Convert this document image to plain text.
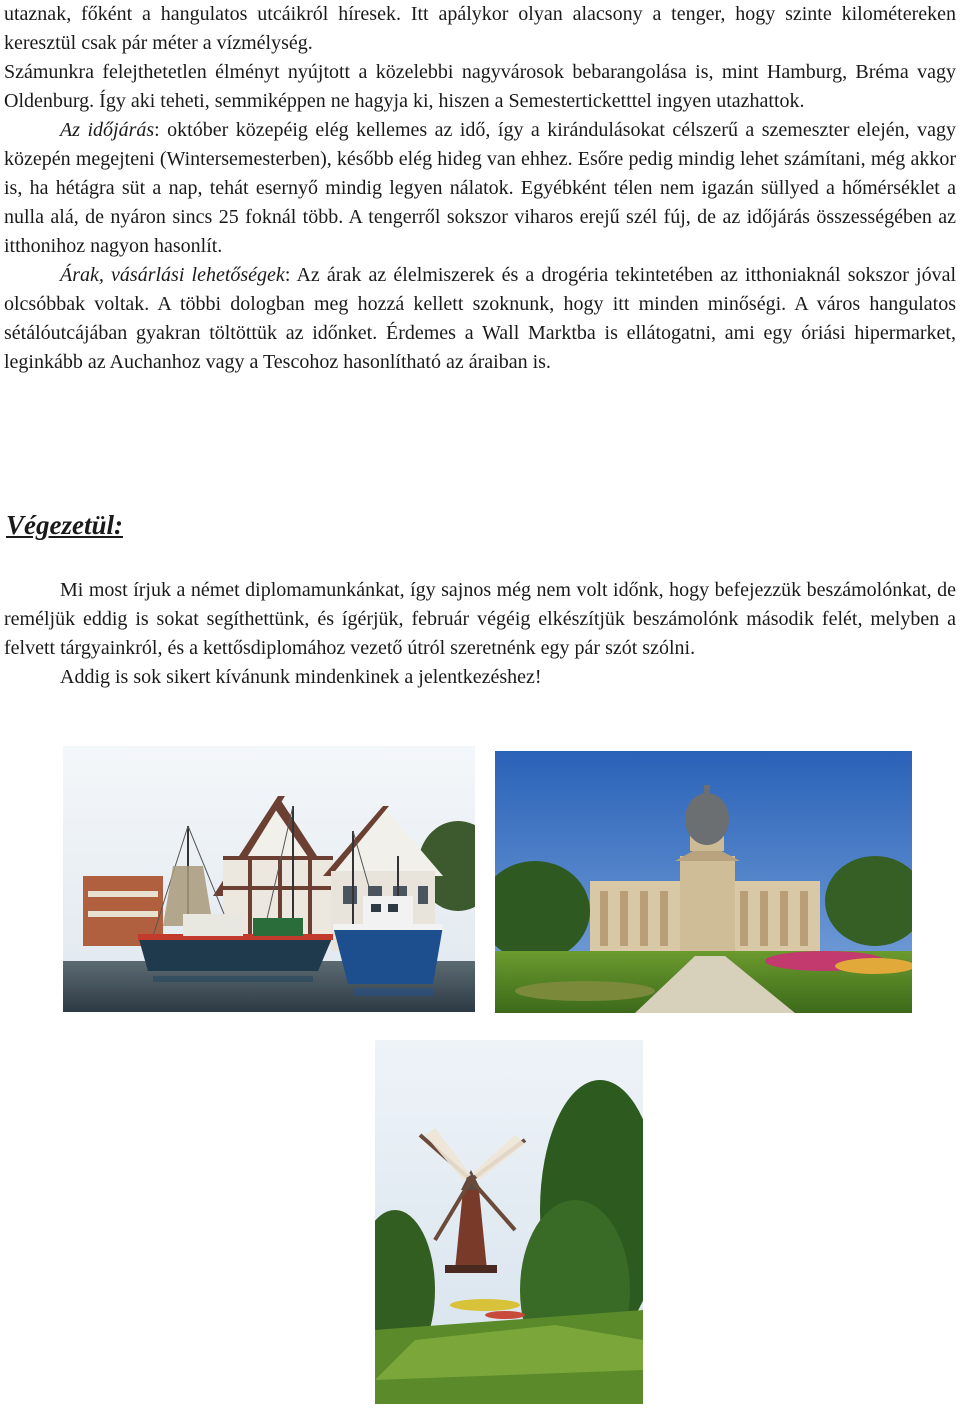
utaznak, főként a hangulatos utcáikról híresek. Itt apálykor olyan alacsony a tenger, hogy szinte kilométereken keresztül csak pár méter a vízmélység.

Számunkra felejthetetlen élményt nyújtott a közelebbi nagyvárosok bebarangolása is, mint Hamburg, Bréma vagy Oldenburg. Így aki teheti, semmiképpen ne hagyja ki, hiszen a Semesterticketttel ingyen utazhattok.

Az időjárás: október közepéig elég kellemes az idő, így a kirándulásokat célszerű a szemeszter elején, vagy közepén megejteni (Wintersemesterben), később elég hideg van ehhez. Esőre pedig mindig lehet számítani, még akkor is, ha hétágra süt a nap, tehát esernyő mindig legyen nálatok. Egyébként télen nem igazán süllyed a hőmérséklet a nulla alá, de nyáron sincs 25 foknál több. A tengerről sokszor viharos erejű szél fúj, de az időjárás összességében az itthonihoz nagyon hasonlít.

Árak, vásárlási lehetőségek: Az árak az élelmiszerek és a drogéria tekintetében az itthoniaknál sokszor jóval olcsóbbak voltak. A többi dologban meg hozzá kellett szoknunk, hogy itt minden minőségi. A város hangulatos sétálóutcájában gyakran töltöttük az időnket. Érdemes a Wall Marktba is ellátogatni, ami egy óriási hipermarket, leginkább az Auchanhoz vagy a Tescohoz hasonlítható az áraiban is.

Végezetül:

Mi most írjuk a német diplomamunkánkat, így sajnos még nem volt időnk, hogy befejezzük beszámolónkat, de reméljük eddig is sokat segíthettünk, és ígérjük, február végéig elkészítjük beszámolónk második felét, melyben a felvett tárgyainkról, és a kettősdiplomához vezető útról szeretnénk egy pár szót szólni.

Addig is sok sikert kívánunk mindenkinek a jelentkezéshez!
